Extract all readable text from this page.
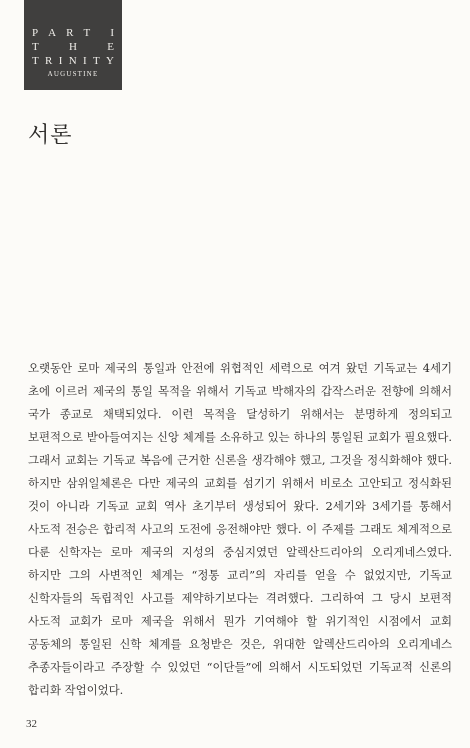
P A R T I
T	H	E
T R I N I T Y
AUGUSTINE
서론

오랫동안 로마 제국의 통일과 안전에 위협적인 세력으로 여겨 왔던 기독교는 4세기 초에 이르러 제국의 통일 목적을 위해서 기독교 박해자의 갑작스러운 전향에 의해서 국가 종교로 채택되었다. 이런 목적을 달성하기 위해서는 분명하게 정의되고 보편적으로 받아들여지는 신앙 체계를 소유하고 있는 하나의 통일된 교회가 필요했다. 그래서 교회는 기독교 복음에 근거한 신론을 생각해야 했고, 그것을 정식화해야 했다. 하지만 삼위일체론은 다만 제국의 교회를 섬기기 위해서 비로소 고안되고 정식화된 것이 아니라 기독교 교회 역사 초기부터 생성되어 왔다. 2세기와 3세기를 통해서 사도적 전승은 합리적 사고의 도전에 응전해야만 했다. 이 주제를 그래도 체계적으로 다룬 신학자는 로마 제국의 지성의 중심지였던 알렉산드리아의 오리게네스였다. 하지만 그의 사변적인 체계는 “정통 교리”의 자리를 얻을 수 없었지만, 기독교 신학자들의 독립적인 사고를 제약하기보다는 격려했다. 그리하여 그 당시 보편적 사도적 교회가 로마 제국을 위해서 뭔가 기여해야 할 위기적인 시점에서 교회 공동체의 통일된 신학 체계를 요청받은 것은, 위대한 알렉산드리아의 오리게네스 추종자들이라고 주장할 수 있었던 “이단들”에 의해서 시도되었던 기독교적 신론의 합리화 작업이었다.

32
